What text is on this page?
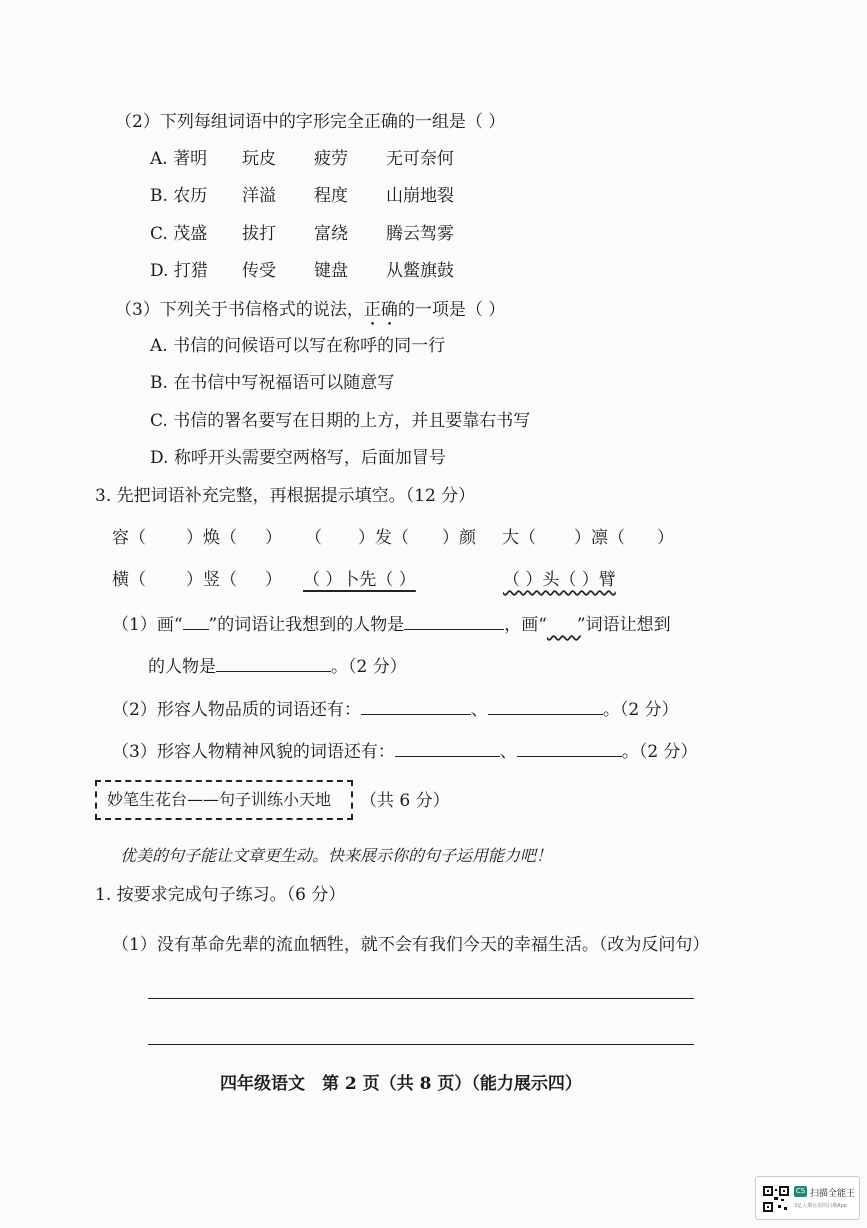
（2）下列每组词语中的字形完全正确的一组是（ ）
A. 著明 玩皮 疲劳 无可奈何
B. 农历 洋溢 程度 山崩地裂
C. 茂盛 拔打 富绕 腾云驾雾
D. 打猎 传受 键盘 从鳖旗鼓
（3）下列关于书信格式的说法，正确的一项是（ ）
A. 书信的问候语可以写在称呼的同一行
B. 在书信中写祝福语可以随意写
C. 书信的署名要写在日期的上方，并且要靠右书写
D. 称呼开头需要空两格写，后面加冒号
3. 先把词语补充完整，再根据提示填空。（12 分）
容（ ）焕（ ） （ ）发（ ）颜 大（ ）凛（ ）
横（ ）竖（ ） （ ）卜先（ ）	（ ）头（ ）臂
（1）画“ ”的词语让我想到的人物是	，画“ ”词语让想到
的人物是	。（2 分）
（2）形容人物品质的词语还有：	、	。（2 分）
（3）形容人物精神风貌的词语还有：	、	。（2 分）
妙笔生花台——句子训练小天地 （共 6 分）
优美的句子能让文章更生动。快来展示你的句子运用能力吧！
1. 按要求完成句子练习。（6 分）
（1）没有革命先辈的流血牺牲，就不会有我们今天的幸福生活。（改为反问句）
四年级语文　第 2 页（共 8 页）（能力展示四）
CS 扫描全能王
3亿人都在用的扫描App
